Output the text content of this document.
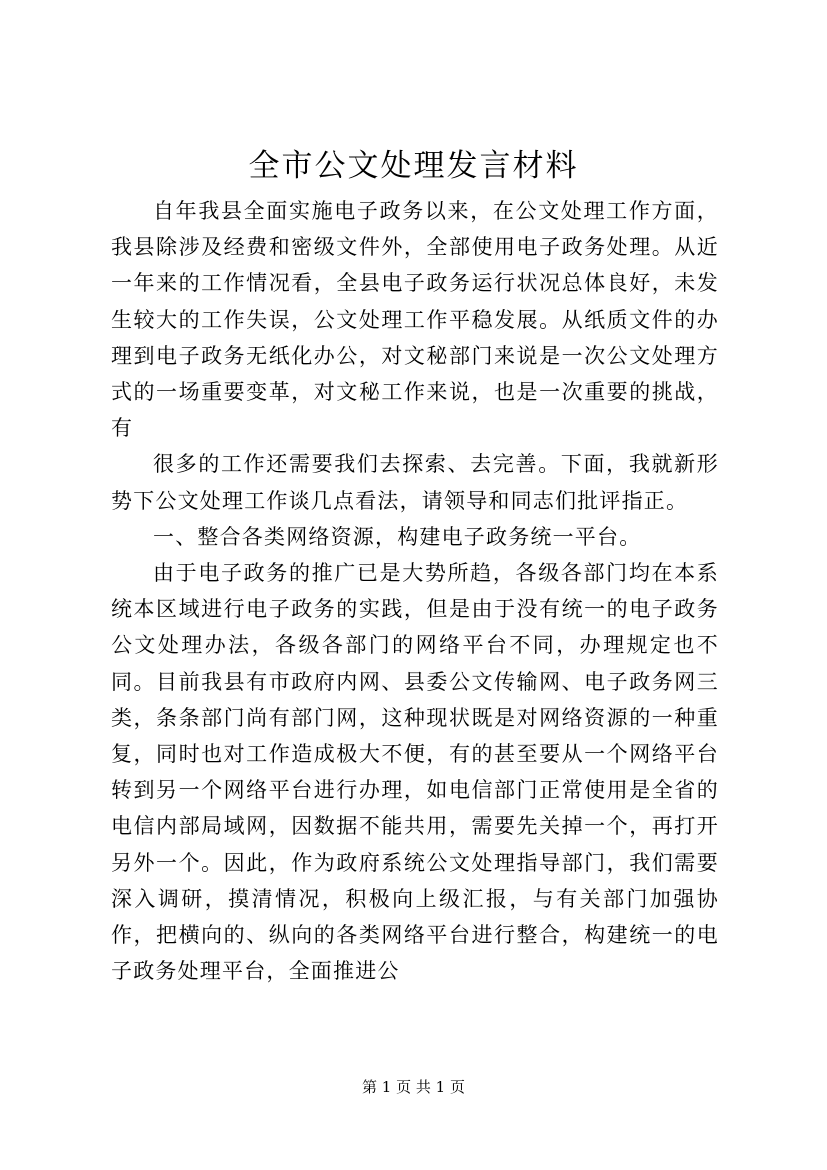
全市公文处理发言材料

自年我县全面实施电子政务以来，在公文处理工作方面，我县除涉及经费和密级文件外，全部使用电子政务处理。从近一年来的工作情况看，全县电子政务运行状况总体良好，未发生较大的工作失误，公文处理工作平稳发展。从纸质文件的办理到电子政务无纸化办公，对文秘部门来说是一次公文处理方式的一场重要变革，对文秘工作来说，也是一次重要的挑战，有

很多的工作还需要我们去探索、去完善。下面，我就新形势下公文处理工作谈几点看法，请领导和同志们批评指正。

一、整合各类网络资源，构建电子政务统一平台。

由于电子政务的推广已是大势所趋，各级各部门均在本系统本区域进行电子政务的实践，但是由于没有统一的电子政务公文处理办法，各级各部门的网络平台不同，办理规定也不同。目前我县有市政府内网、县委公文传输网、电子政务网三类，条条部门尚有部门网，这种现状既是对网络资源的一种重复，同时也对工作造成极大不便，有的甚至要从一个网络平台转到另一个网络平台进行办理，如电信部门正常使用是全省的电信内部局域网，因数据不能共用，需要先关掉一个，再打开另外一个。因此，作为政府系统公文处理指导部门，我们需要深入调研，摸清情况，积极向上级汇报，与有关部门加强协作，把横向的、纵向的各类网络平台进行整合，构建统一的电子政务处理平台，全面推进公

第 1 页 共 1 页
